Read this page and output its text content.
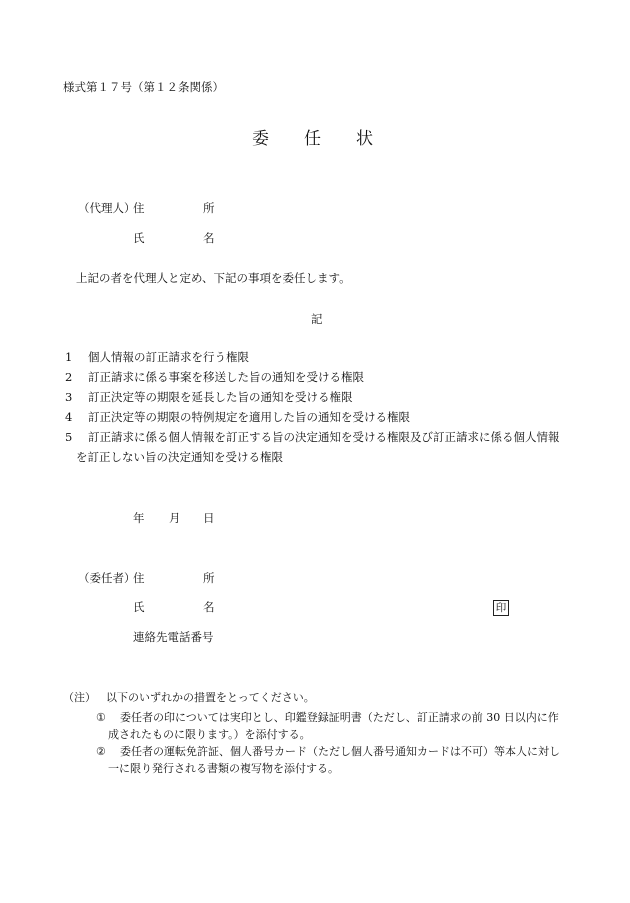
様式第１７号（第１２条関係）
委 任 状
（代理人）
住	所
氏	名
上記の者を代理人と定め、下記の事項を委任します。
記
1 個人情報の訂正請求を行う権限
2 訂正請求に係る事案を移送した旨の通知を受ける権限
3 訂正決定等の期限を延長した旨の通知を受ける権限
4 訂正決定等の期限の特例規定を適用した旨の通知を受ける権限
5 訂正請求に係る個人情報を訂正する旨の決定通知を受ける権限及び訂正請求に係る個人情報
を訂正しない旨の決定通知を受ける権限
年 月 日
（委任者）
住	所
氏	名	印
連絡先電話番号
（注） 以下のいずれかの措置をとってください。
① 委任者の印については実印とし、印鑑登録証明書（ただし、訂正請求の前 30 日以内に作
成されたものに限ります。）を添付する。
② 委任者の運転免許証、個人番号カード（ただし個人番号通知カードは不可）等本人に対し
一に限り発行される書類の複写物を添付する。
